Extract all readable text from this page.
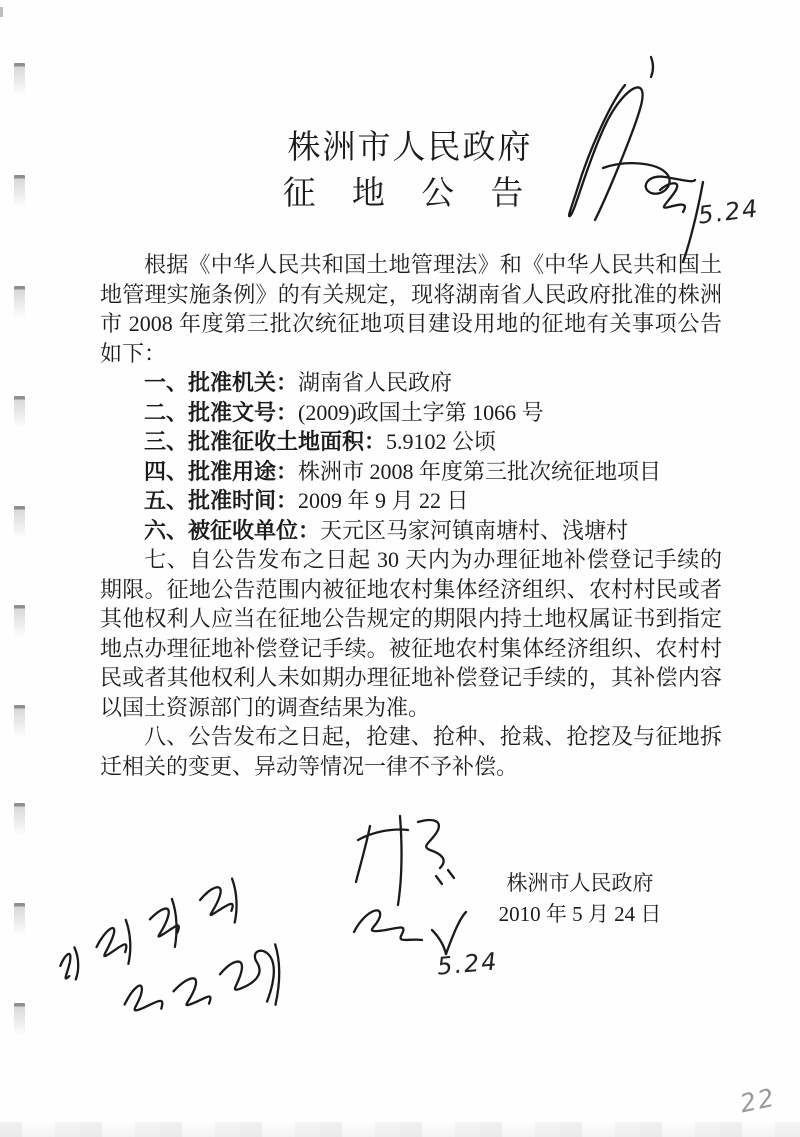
株洲市人民政府
征 地 公 告

根据《中华人民共和国土地管理法》和《中华人民共和国土地管理实施条例》的有关规定，现将湖南省人民政府批准的株洲市 2008 年度第三批次统征地项目建设用地的征地有关事项公告如下：

一、批准机关：湖南省人民政府

二、批准文号：(2009)政国土字第 1066 号

三、批准征收土地面积：5.9102 公顷

四、批准用途：株洲市 2008 年度第三批次统征地项目

五、批准时间：2009 年 9 月 22 日

六、被征收单位：天元区马家河镇南塘村、浅塘村

七、自公告发布之日起 30 天内为办理征地补偿登记手续的期限。征地公告范围内被征地农村集体经济组织、农村村民或者其他权利人应当在征地公告规定的期限内持土地权属证书到指定地点办理征地补偿登记手续。被征地农村集体经济组织、农村村民或者其他权利人未如期办理征地补偿登记手续的，其补偿内容以国土资源部门的调查结果为准。

八、公告发布之日起，抢建、抢种、抢栽、抢挖及与征地拆迁相关的变更、异动等情况一律不予补偿。

株洲市人民政府
2010 年 5 月 24 日
5.24
5.24
22
